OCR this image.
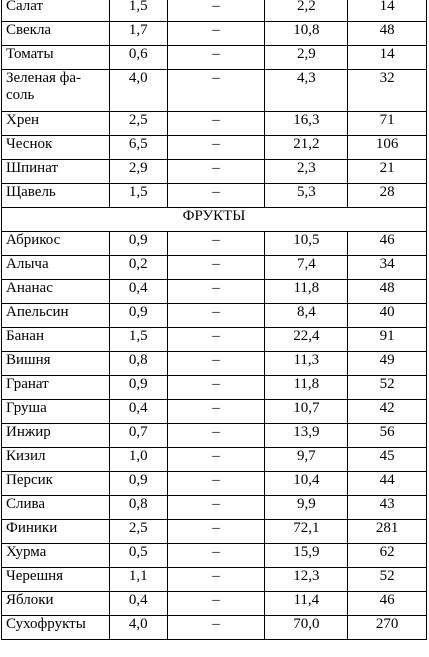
Салат	1,5	–	2,2	14
Свекла	1,7	–	10,8	48
Томаты	0,6	–	2,9	14
Зеленая фа-
соль	4,0	–	4,3	32
Хрен	2,5	–	16,3	71
Чеснок	6,5	–	21,2	106
Шпинат	2,9	–	2,3	21
Щавель	1,5	–	5,3	28
ФРУКТЫ				
Абрикос	0,9	–	10,5	46
Алыча	0,2	–	7,4	34
Ананас	0,4	–	11,8	48
Апельсин	0,9	–	8,4	40
Банан	1,5	–	22,4	91
Вишня	0,8	–	11,3	49
Гранат	0,9	–	11,8	52
Груша	0,4	–	10,7	42
Инжир	0,7	–	13,9	56
Кизил	1,0	–	9,7	45
Персик	0,9	–	10,4	44
Слива	0,8	–	9,9	43
Финики	2,5	–	72,1	281
Хурма	0,5	–	15,9	62
Черешня	1,1	–	12,3	52
Яблоки	0,4	–	11,4	46
Сухофрукты	4,0	–	70,0	270
